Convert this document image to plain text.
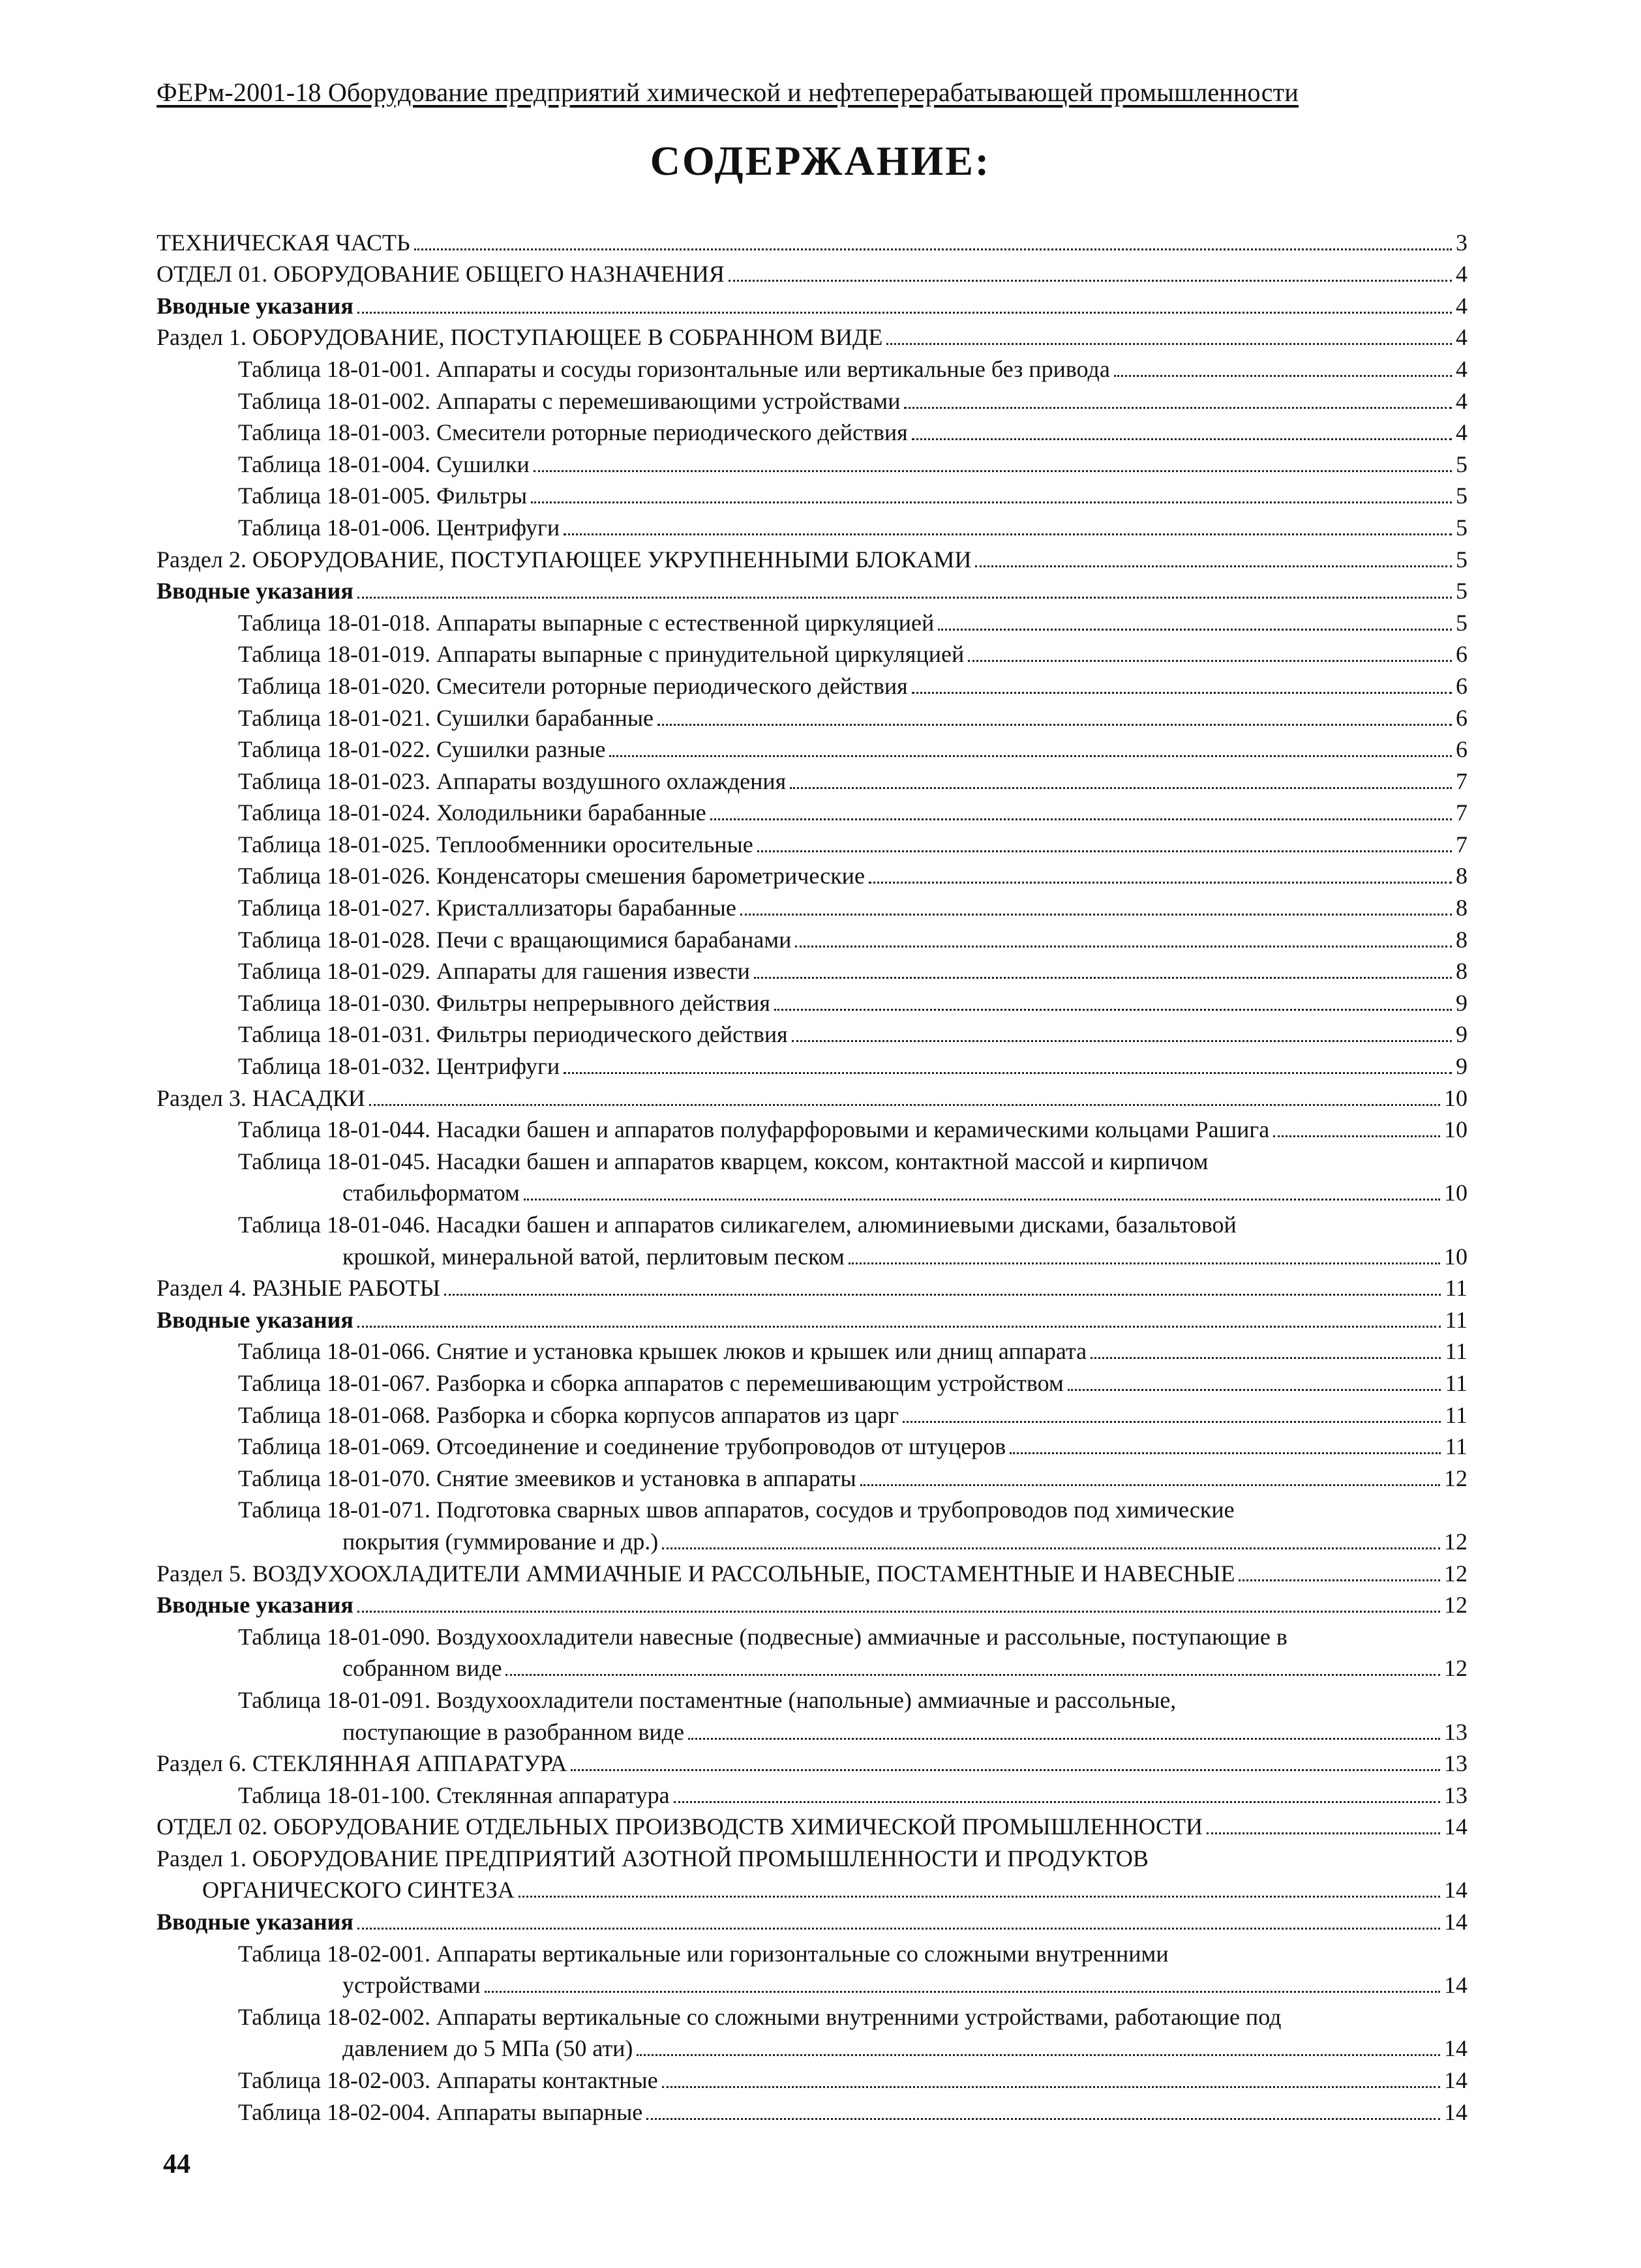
ФЕРм-2001-18 Оборудование предприятий химической и нефтеперерабатывающей промышленности
СОДЕРЖАНИЕ:
ТЕХНИЧЕСКАЯ ЧАСТЬ	3
ОТДЕЛ 01. ОБОРУДОВАНИЕ ОБЩЕГО НАЗНАЧЕНИЯ	4
Вводные указания	4
Раздел 1. ОБОРУДОВАНИЕ, ПОСТУПАЮЩЕЕ В СОБРАННОМ ВИДЕ	4
Таблица 18-01-001. Аппараты и сосуды горизонтальные или вертикальные без привода	4
Таблица 18-01-002. Аппараты с перемешивающими устройствами	4
Таблица 18-01-003. Смесители роторные периодического действия	4
Таблица 18-01-004. Сушилки	5
Таблица 18-01-005. Фильтры	5
Таблица 18-01-006. Центрифуги	5
Раздел 2. ОБОРУДОВАНИЕ, ПОСТУПАЮЩЕЕ УКРУПНЕННЫМИ БЛОКАМИ	5
Вводные указания	5
Таблица 18-01-018. Аппараты выпарные с естественной циркуляцией	5
Таблица 18-01-019. Аппараты выпарные с принудительной циркуляцией	6
Таблица 18-01-020. Смесители роторные периодического действия	6
Таблица 18-01-021. Сушилки барабанные	6
Таблица 18-01-022. Сушилки разные	6
Таблица 18-01-023. Аппараты воздушного охлаждения	7
Таблица 18-01-024. Холодильники барабанные	7
Таблица 18-01-025. Теплообменники оросительные	7
Таблица 18-01-026. Конденсаторы смешения барометрические	8
Таблица 18-01-027. Кристаллизаторы барабанные	8
Таблица 18-01-028. Печи с вращающимися барабанами	8
Таблица 18-01-029. Аппараты для гашения извести	8
Таблица 18-01-030. Фильтры непрерывного действия	9
Таблица 18-01-031. Фильтры периодического действия	9
Таблица 18-01-032. Центрифуги	9
Раздел 3. НАСАДКИ	10
Таблица 18-01-044. Насадки башен и аппаратов полуфарфоровыми и керамическими кольцами Рашига	10
Таблица 18-01-045. Насадки башен и аппаратов кварцем, коксом, контактной массой и кирпичом
стабильформатом	10
Таблица 18-01-046. Насадки башен и аппаратов силикагелем, алюминиевыми дисками, базальтовой
крошкой, минеральной ватой, перлитовым песком	10
Раздел 4. РАЗНЫЕ РАБОТЫ	11
Вводные указания	11
Таблица 18-01-066. Снятие и установка крышек люков и крышек или днищ аппарата	11
Таблица 18-01-067. Разборка и сборка аппаратов с перемешивающим устройством	11
Таблица 18-01-068. Разборка и сборка корпусов аппаратов из царг	11
Таблица 18-01-069. Отсоединение и соединение трубопроводов от штуцеров	11
Таблица 18-01-070. Снятие змеевиков и установка в аппараты	12
Таблица 18-01-071. Подготовка сварных швов аппаратов, сосудов и трубопроводов под химические
покрытия (гуммирование и др.)	12
Раздел 5. ВОЗДУХООХЛАДИТЕЛИ АММИАЧНЫЕ И РАССОЛЬНЫЕ, ПОСТАМЕНТНЫЕ И НАВЕСНЫЕ	12
Вводные указания	12
Таблица 18-01-090. Воздухоохладители навесные (подвесные) аммиачные и рассольные, поступающие в
собранном виде	12
Таблица 18-01-091. Воздухоохладители постаментные (напольные) аммиачные и рассольные,
поступающие в разобранном виде	13
Раздел 6. СТЕКЛЯННАЯ АППАРАТУРА	13
Таблица 18-01-100. Стеклянная аппаратура	13
ОТДЕЛ 02. ОБОРУДОВАНИЕ ОТДЕЛЬНЫХ ПРОИЗВОДСТВ ХИМИЧЕСКОЙ ПРОМЫШЛЕННОСТИ	14
Раздел 1. ОБОРУДОВАНИЕ ПРЕДПРИЯТИЙ АЗОТНОЙ ПРОМЫШЛЕННОСТИ И ПРОДУКТОВ
ОРГАНИЧЕСКОГО СИНТЕЗА	14
Вводные указания	14
Таблица 18-02-001. Аппараты вертикальные или горизонтальные со сложными внутренними
устройствами	14
Таблица 18-02-002. Аппараты вертикальные со сложными внутренними устройствами, работающие под
давлением до 5 МПа (50 ати)	14
Таблица 18-02-003. Аппараты контактные	14
Таблица 18-02-004. Аппараты выпарные	14
44
